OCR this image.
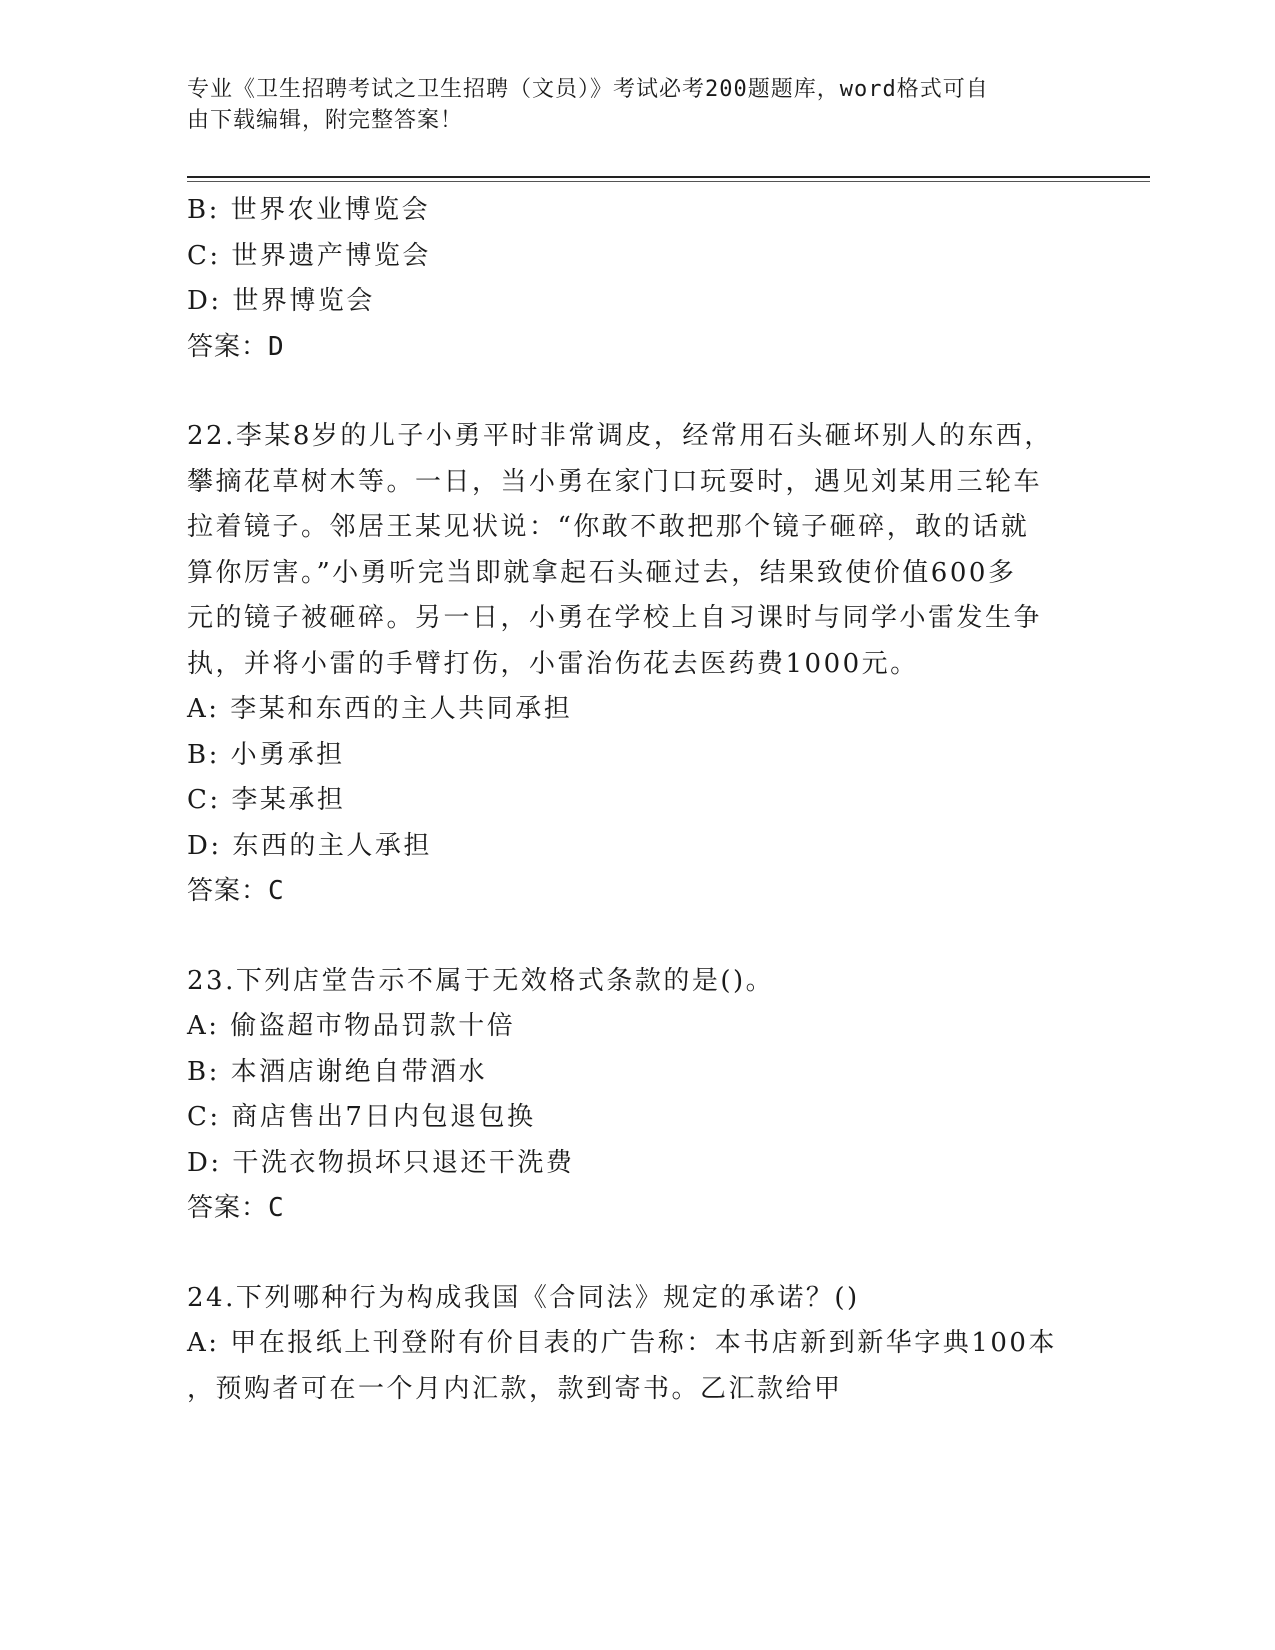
专业《卫生招聘考试之卫生招聘（文员）》考试必考200题题库，word格式可自
由下载编辑，附完整答案！
B: 世界农业博览会
C: 世界遗产博览会
D: 世界博览会
答案：D
22.李某8岁的儿子小勇平时非常调皮，经常用石头砸坏别人的东西，
攀摘花草树木等。一日，当小勇在家门口玩耍时，遇见刘某用三轮车
拉着镜子。邻居王某见状说：“你敢不敢把那个镜子砸碎，敢的话就
算你厉害。”小勇听完当即就拿起石头砸过去，结果致使价值600多
元的镜子被砸碎。另一日，小勇在学校上自习课时与同学小雷发生争
执，并将小雷的手臂打伤，小雷治伤花去医药费1000元。
A: 李某和东西的主人共同承担
B: 小勇承担
C: 李某承担
D: 东西的主人承担
答案：C
23.下列店堂告示不属于无效格式条款的是()。
A: 偷盗超市物品罚款十倍
B: 本酒店谢绝自带酒水
C: 商店售出7日内包退包换
D: 干洗衣物损坏只退还干洗费
答案：C
24.下列哪种行为构成我国《合同法》规定的承诺？()
A: 甲在报纸上刊登附有价目表的广告称：本书店新到新华字典100本
，预购者可在一个月内汇款，款到寄书。乙汇款给甲
